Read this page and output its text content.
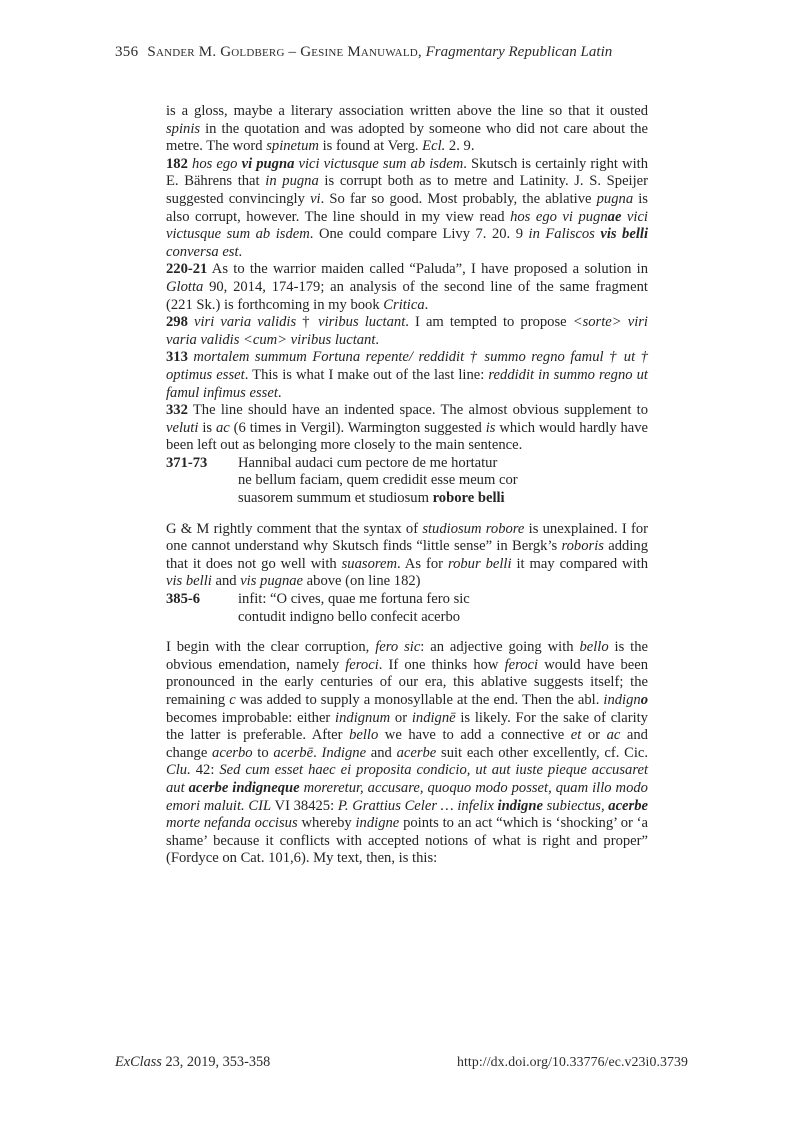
356 Sander M. Goldberg – Gesine Manuwald, Fragmentary Republican Latin

is a gloss, maybe a literary association written above the line so that it ousted spinis in the quotation and was adopted by someone who did not care about the metre. The word spinetum is found at Verg. Ecl. 2. 9.

182 hos ego vi pugna vici victusque sum ab isdem. Skutsch is certainly right with E. Bährens that in pugna is corrupt both as to metre and Latinity. J. S. Speijer suggested convincingly vi. So far so good. Most probably, the ablative pugna is also corrupt, however. The line should in my view read hos ego vi pugnae vici victusque sum ab isdem. One could compare Livy 7. 20. 9 in Faliscos vis belli conversa est.

220-21 As to the warrior maiden called “Paluda”, I have proposed a solution in Glotta 90, 2014, 174-179; an analysis of the second line of the same fragment (221 Sk.) is forthcoming in my book Critica.

298 viri varia validis † viribus luctant. I am tempted to propose <sorte> viri varia validis <cum> viribus luctant.

313 mortalem summum Fortuna repente/ reddidit † summo regno famul † ut † optimus esset. This is what I make out of the last line: reddidit in summo regno ut famul infimus esset.

332 The line should have an indented space. The almost obvious supplement to veluti is ac (6 times in Vergil). Warmington suggested is which would hardly have been left out as belonging more closely to the main sentence.

371-73 Hannibal audaci cum pectore de me hortatur
ne bellum faciam, quem credidit esse meum cor
suasorem summum et studiosum robore belli

G & M rightly comment that the syntax of studiosum robore is unexplained. I for one cannot understand why Skutsch finds “little sense” in Bergk’s roboris adding that it does not go well with suasorem. As for robur belli it may compared with vis belli and vis pugnae above (on line 182)

385-6	infit: “O cives, quae me fortuna fero sic
contudit indigno bello confecit acerbo

I begin with the clear corruption, fero sic: an adjective going with bello is the obvious emendation, namely feroci. If one thinks how feroci would have been pronounced in the early centuries of our era, this ablative suggests itself; the remaining c was added to supply a monosyllable at the end. Then the abl. indigno becomes improbable: either indignum or indignē is likely. For the sake of clarity the latter is preferable. After bello we have to add a connective et or ac and change acerbo to acerbē. Indigne and acerbe suit each other excellently, cf. Cic. Clu. 42: Sed cum esset haec ei proposita condicio, ut aut iuste pieque accusaret aut acerbe indigneque moreretur, accusare, quoquo modo posset, quam illo modo emori maluit. CIL VI 38425: P. Grattius Celer … infelix indigne subiectus, acerbe morte nefanda occisus whereby indigne points to an act “which is ‘shocking’ or ‘a shame’ because it conflicts with accepted notions of what is right and proper” (Fordyce on Cat. 101,6). My text, then, is this:

ExClass 23, 2019, 353-358	http://dx.doi.org/10.33776/ec.v23i0.3739
